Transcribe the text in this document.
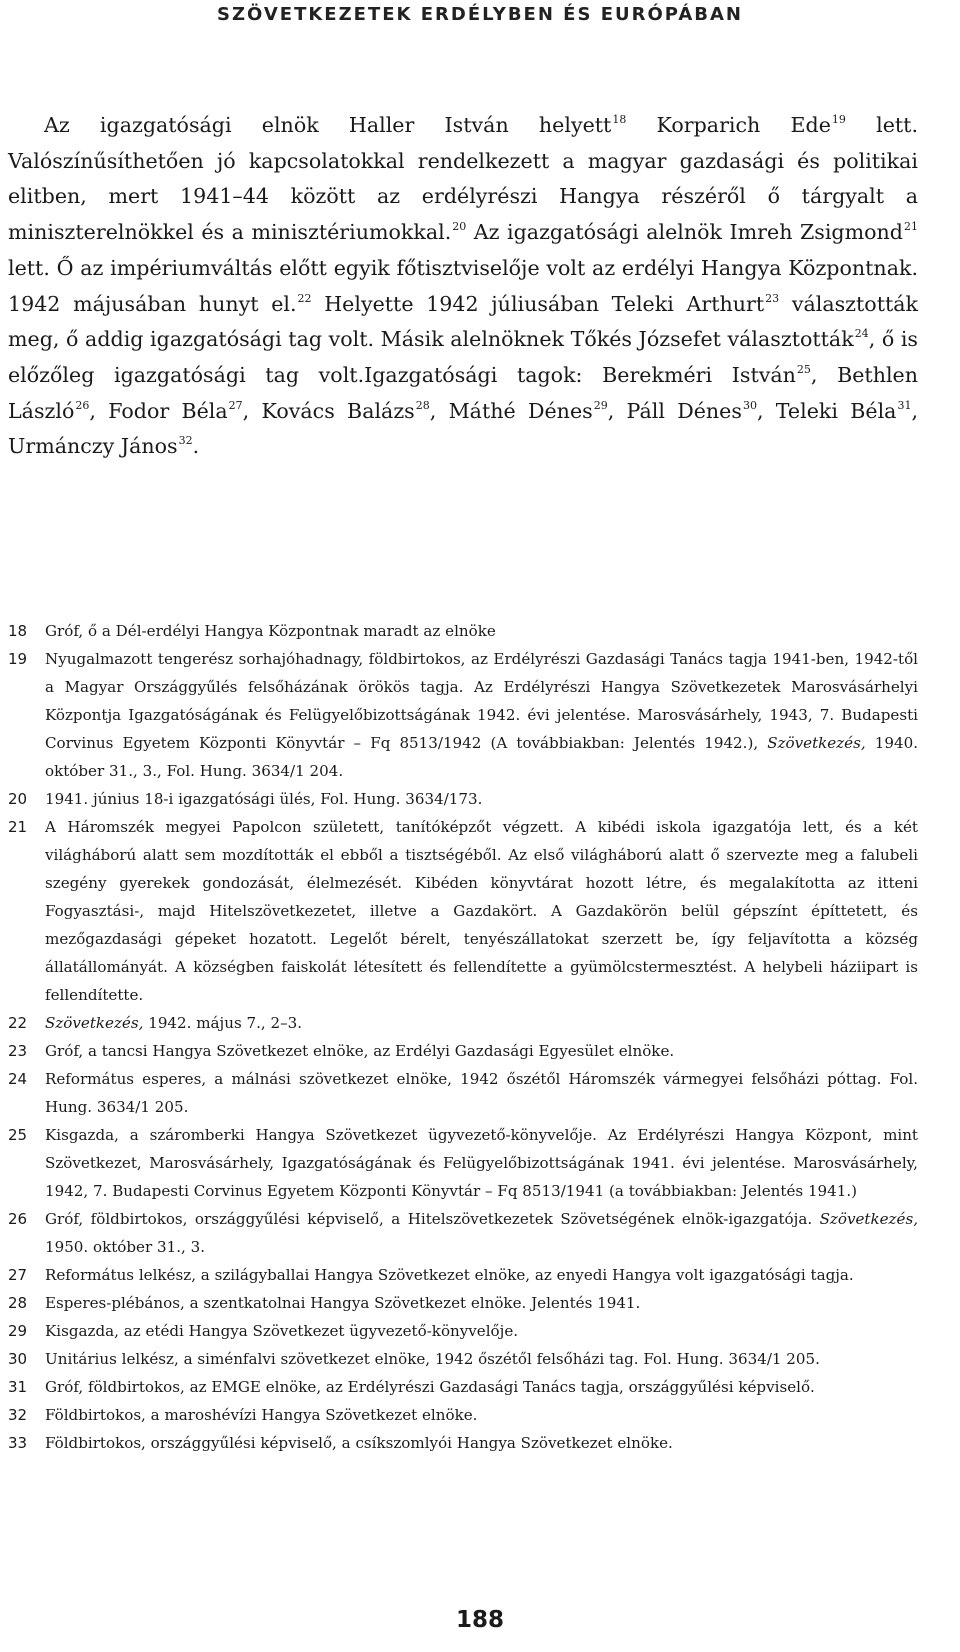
SZÖVETKEZETEK ERDÉLYBEN ÉS EURÓPÁBAN

Az igazgatósági elnök Haller István helyett$^{18}$ Korparich Ede$^{19}$ lett. Valószínűsíthetően jó kapcsolatokkal rendelkezett a magyar gazdasági és politikai elitben, mert 1941–44 között az erdélyrészi Hangya részéről ő tárgyalt a miniszterelnökkel és a minisztériumokkal.$^{20}$ Az igazgatósági alelnök Imreh Zsigmond$^{21}$ lett. Ő az impériumváltás előtt egyik főtisztviselője volt az erdélyi Hangya Központnak. 1942 májusában hunyt el.$^{22}$ Helyette 1942 júliusában Teleki Arthurt$^{23}$ választották meg, ő addig igazgatósági tag volt. Másik alelnöknek Tőkés Józsefet választották$^{24}$, ő is előzőleg igazgatósági tag volt.Igazgatósági tagok: Berekméri István$^{25}$, Bethlen László$^{26}$, Fodor Béla$^{27}$, Kovács Balázs$^{28}$, Máthé Dénes$^{29}$, Páll Dénes$^{30}$, Teleki Béla$^{31}$, Urmánczy János$^{32}$.

18	Gróf, ő a Dél-erdélyi Hangya Központnak maradt az elnöke
19	Nyugalmazott tengerész sorhajóhadnagy, földbirtokos, az Erdélyrészi Gazdasági Tanács tagja 1941-ben, 1942-től a Magyar Országgyűlés felsőházának örökös tagja. Az Erdélyrészi Hangya Szövetkezetek Marosvásárhelyi Központja Igazgatóságának és Felügyelőbizottságának 1942. évi jelentése. Marosvásárhely, 1943, 7. Budapesti Corvinus Egyetem Központi Könyvtár – Fq 8513/1942 (A továbbiakban: Jelentés 1942.), Szövetkezés, 1940. október 31., 3., Fol. Hung. 3634/1 204.
20	1941. június 18-i igazgatósági ülés, Fol. Hung. 3634/173.
21	A Háromszék megyei Papolcon született, tanítóképzőt végzett. A kibédi iskola igazgatója lett, és a két világháború alatt sem mozdították el ebből a tisztségéből. Az első világháború alatt ő szervezte meg a falubeli szegény gyerekek gondozását, élelmezését. Kibéden könyvtárat hozott létre, és megalakította az itteni Fogyasztási-, majd Hitelszövetkezetet, illetve a Gazdakört. A Gazdakörön belül gépszínt építtetett, és mezőgazdasági gépeket hozatott. Legelőt bérelt, tenyészállatokat szerzett be, így feljavította a község állatállományát. A községben faiskolát létesített és fellendítette a gyümölcstermesztést. A helybeli háziipart is fellendítette.
22	Szövetkezés, 1942. május 7., 2–3.
23	Gróf, a tancsi Hangya Szövetkezet elnöke, az Erdélyi Gazdasági Egyesület elnöke.
24	Református esperes, a málnási szövetkezet elnöke, 1942 őszétől Háromszék vármegyei felsőházi póttag. Fol. Hung. 3634/1 205.
25	Kisgazda, a száromberki Hangya Szövetkezet ügyvezető-könyvelője. Az Erdélyrészi Hangya Központ, mint Szövetkezet, Marosvásárhely, Igazgatóságának és Felügyelőbizottságának 1941. évi jelentése. Marosvásárhely, 1942, 7. Budapesti Corvinus Egyetem Központi Könyvtár – Fq 8513/1941 (a továbbiakban: Jelentés 1941.)
26	Gróf, földbirtokos, országgyűlési képviselő, a Hitelszövetkezetek Szövetségének elnök-igazgatója. Szövetkezés, 1950. október 31., 3.
27	Református lelkész, a szilágyballai Hangya Szövetkezet elnöke, az enyedi Hangya volt igazgatósági tagja.
28	Esperes-plébános, a szentkatolnai Hangya Szövetkezet elnöke. Jelentés 1941.
29	Kisgazda, az etédi Hangya Szövetkezet ügyvezető-könyvelője.
30	Unitárius lelkész, a siménfalvi szövetkezet elnöke, 1942 őszétől felsőházi tag. Fol. Hung. 3634/1 205.
31	Gróf, földbirtokos, az EMGE elnöke, az Erdélyrészi Gazdasági Tanács tagja, országgyűlési képviselő.
32	Földbirtokos, a maroshévízi Hangya Szövetkezet elnöke.
33	Földbirtokos, országgyűlési képviselő, a csíkszomlyói Hangya Szövetkezet elnöke.
188
